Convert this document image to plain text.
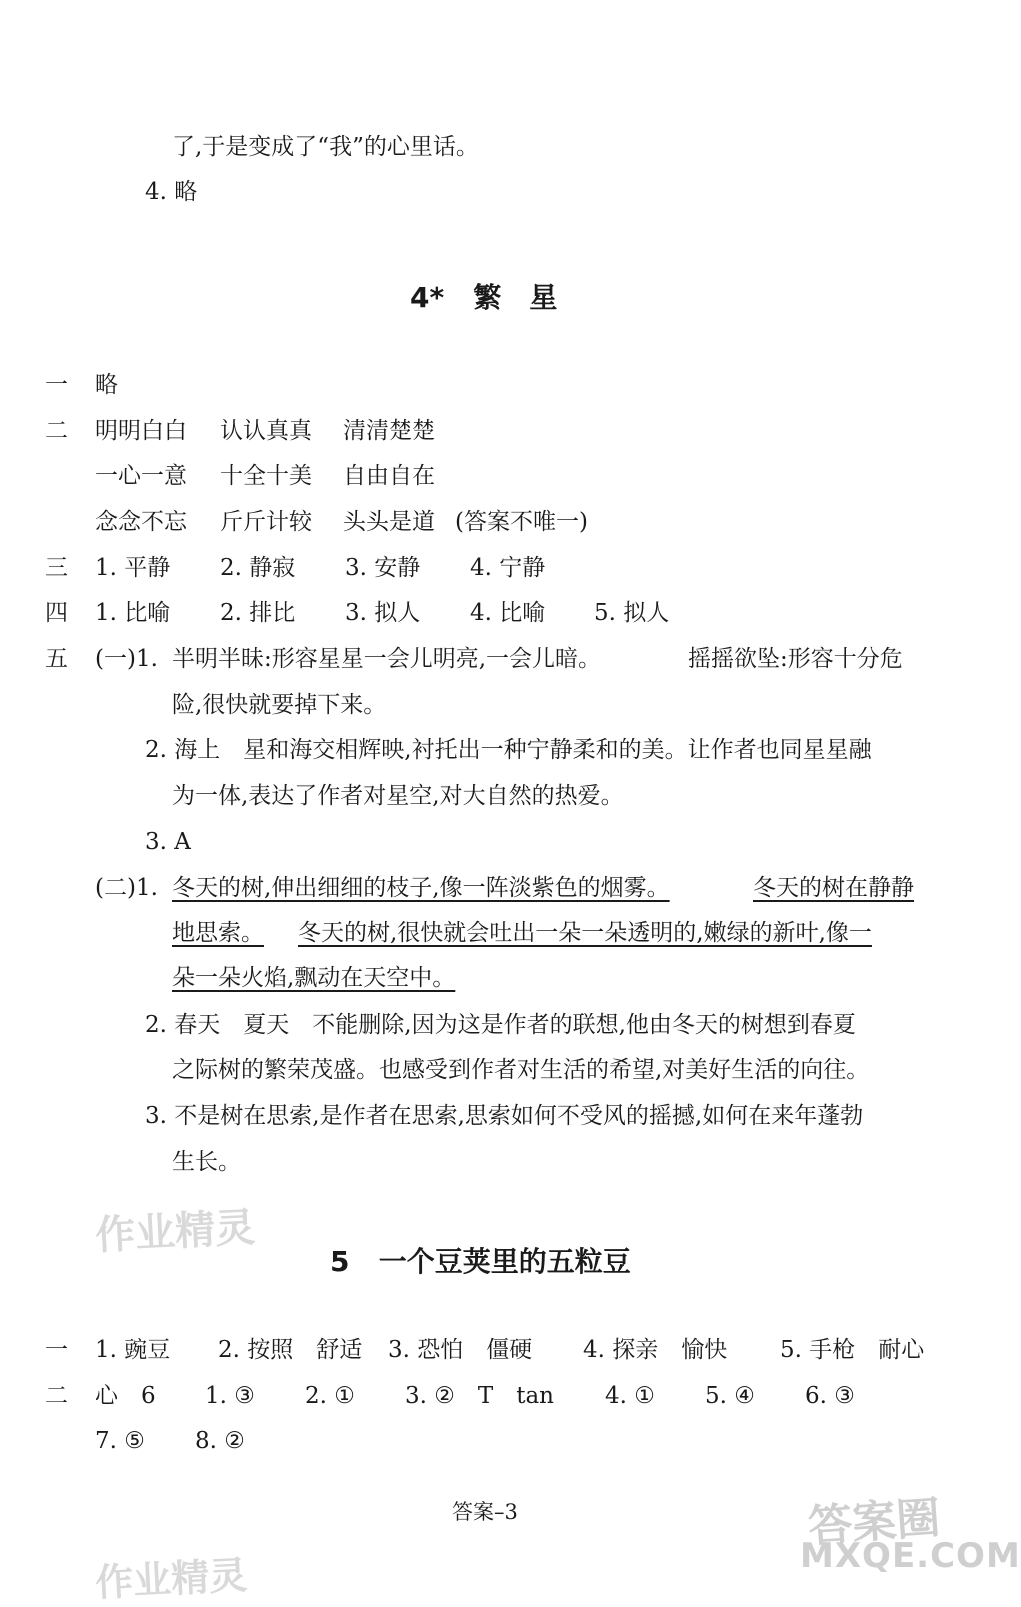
了,于是变成了“我”的心里话。
4. 略
4* 繁　星
一 略
二 明明白白 认认真真 清清楚楚
一心一意 十全十美 自由自在
念念不忘 斤斤计较 头头是道 (答案不唯一)
三 1. 平静 2. 静寂 3. 安静 4. 宁静
四 1. 比喻 2. 排比 3. 拟人 4. 比喻 5. 拟人
五 (一)1. 半明半昧:形容星星一会儿明亮,一会儿暗。	摇摇欲坠:形容十分危
险,很快就要掉下来。
2. 海上　星和海交相辉映,衬托出一种宁静柔和的美。让作者也同星星融
为一体,表达了作者对星空,对大自然的热爱。
3. A
(二)1. 冬天的树,伸出细细的枝子,像一阵淡紫色的烟雾。	冬天的树在静静
地思索。 冬天的树,很快就会吐出一朵一朵透明的,嫩绿的新叶,像一
朵一朵火焰,飘动在天空中。
2. 春天　夏天　不能删除,因为这是作者的联想,他由冬天的树想到春夏
之际树的繁荣茂盛。也感受到作者对生活的希望,对美好生活的向往。
3. 不是树在思索,是作者在思索,思索如何不受风的摇撼,如何在来年蓬勃
生长。
作业精灵
5 一个豆荚里的五粒豆
一 1. 豌豆 2. 按照　舒适 3. 恐怕　僵硬 4. 探亲　愉快 5. 手枪　耐心
二 心　6 1. ③ 2. ① 3. ②　T　tan 4. ① 5. ④ 6. ③
7. ⑤ 8. ②
答案–3	答案圈
MXQE.COM
作业精灵
